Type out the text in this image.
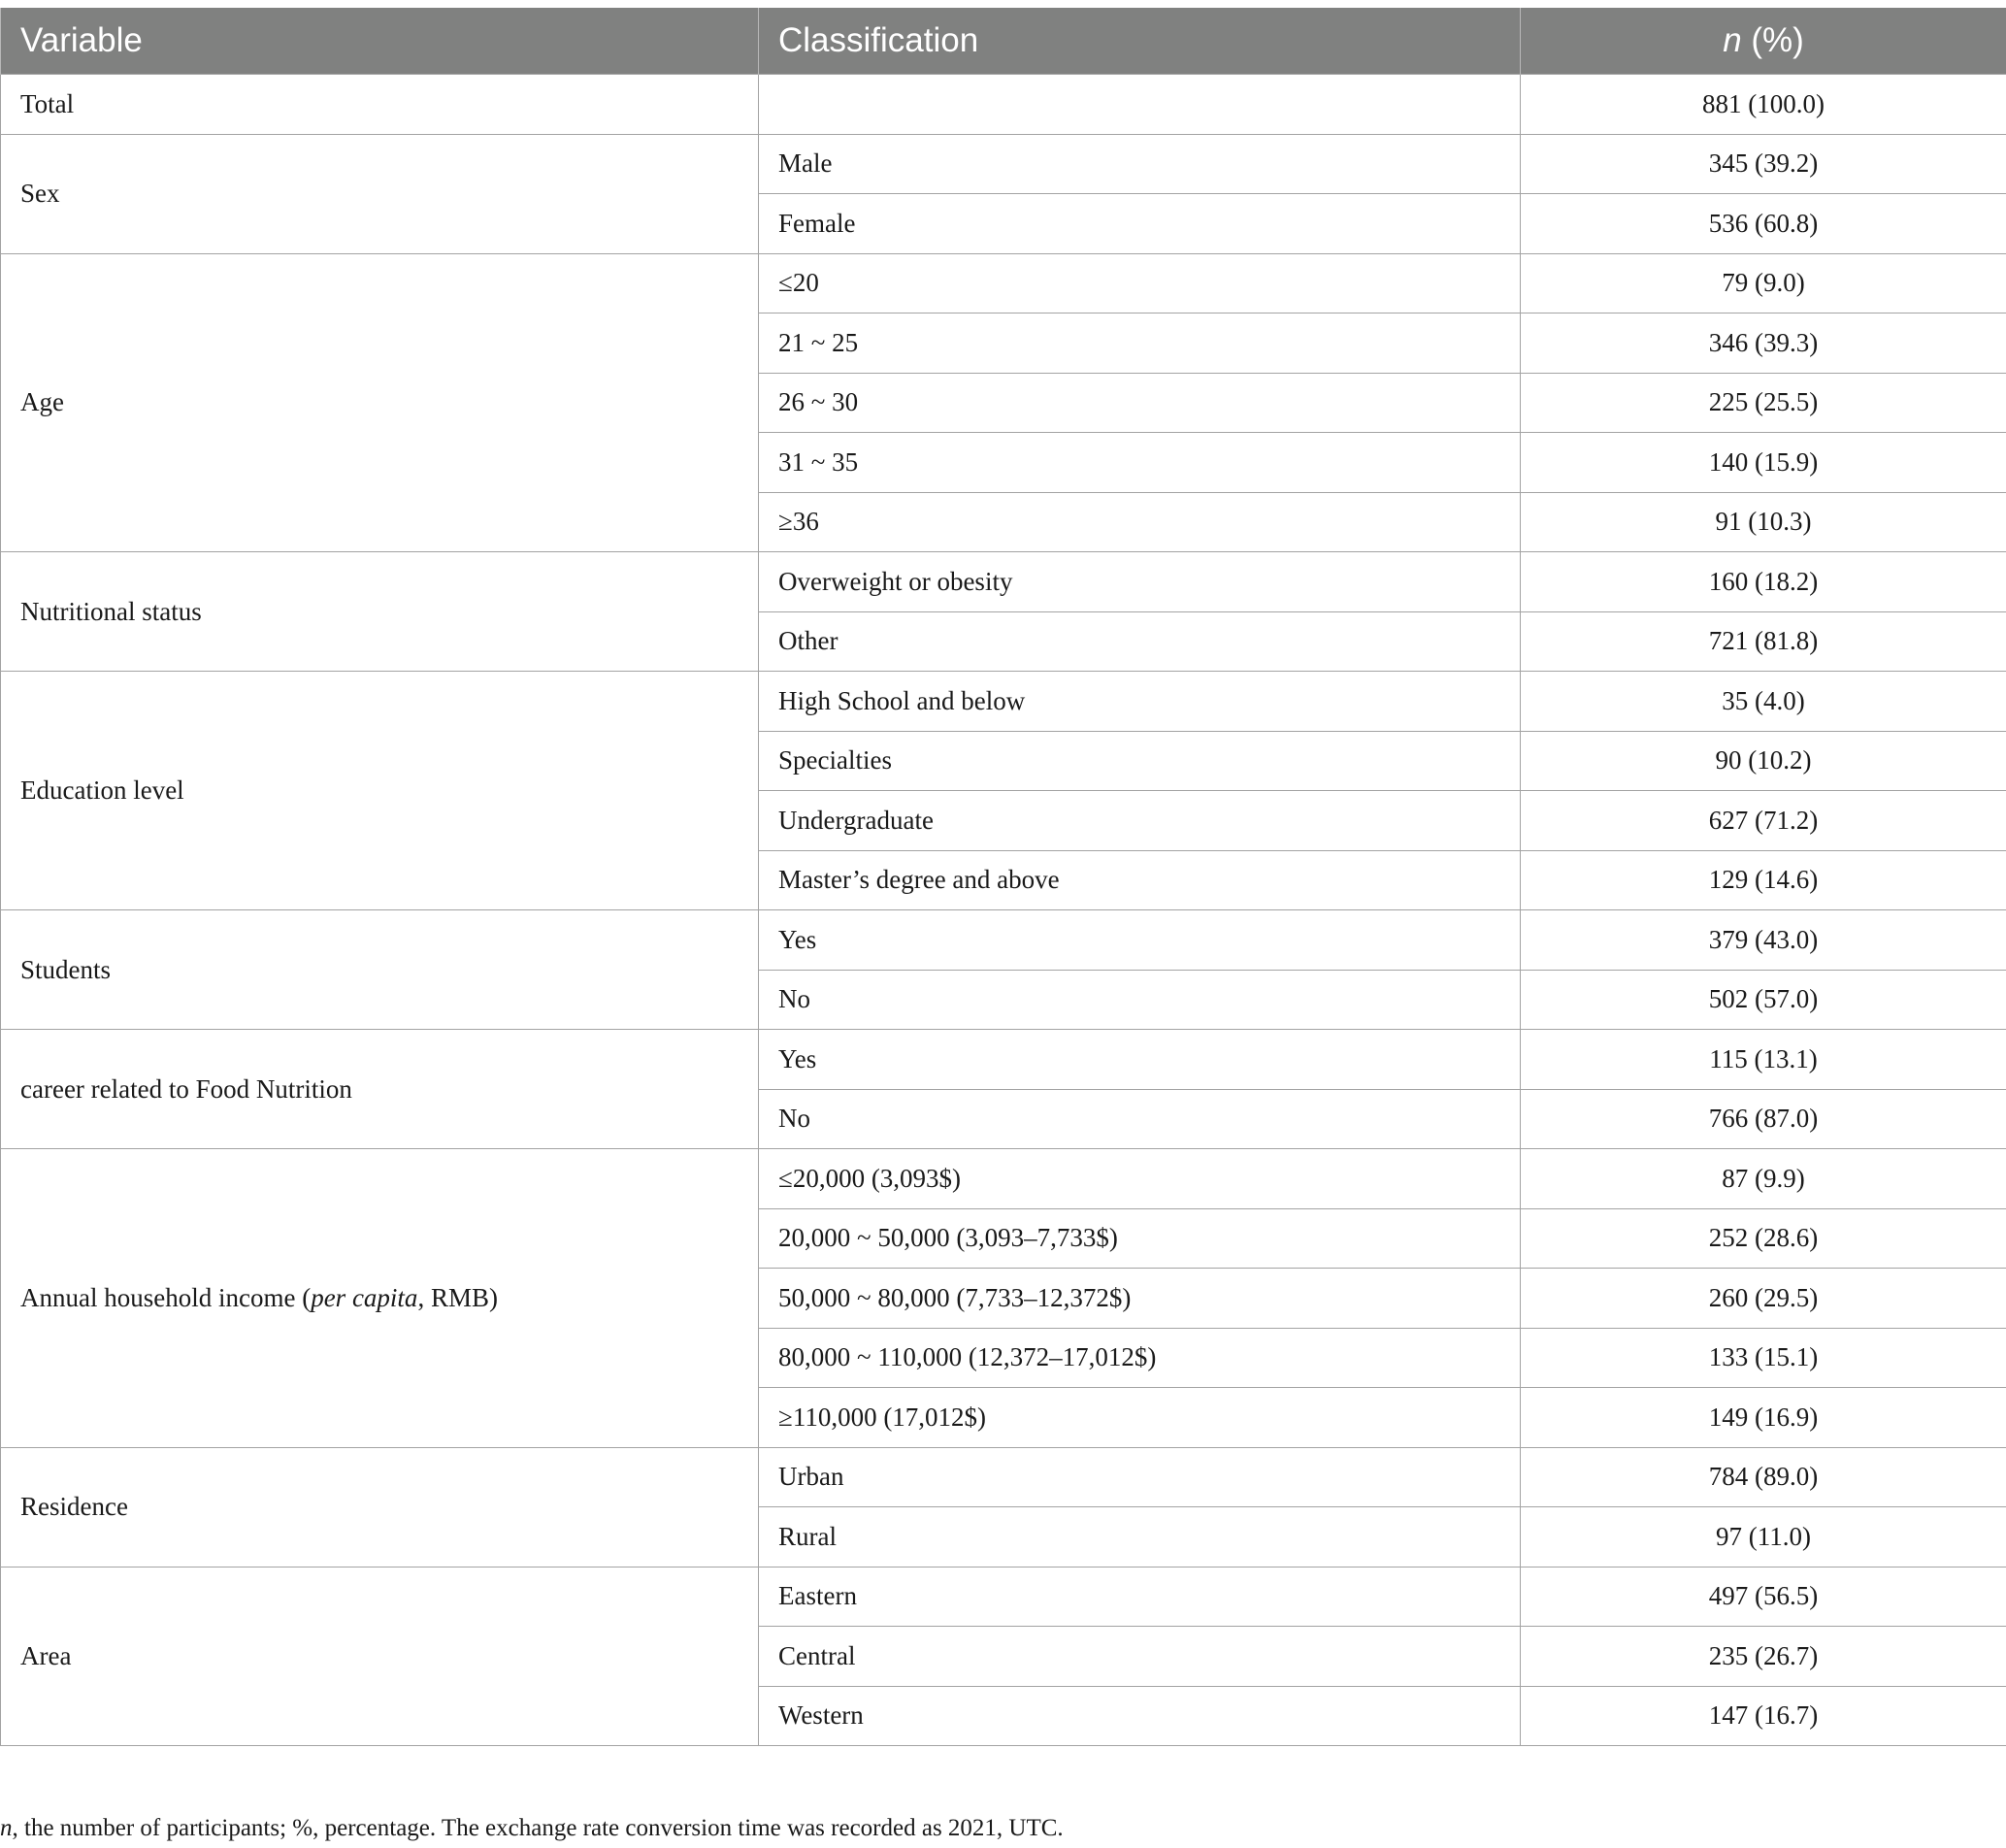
Variable	Classification	n (%)
Total		881 (100.0)
Sex	Male	345 (39.2)
	Female	536 (60.8)
Age	≤20	79 (9.0)
	21 ~ 25	346 (39.3)
	26 ~ 30	225 (25.5)
	31 ~ 35	140 (15.9)
	≥36	91 (10.3)
Nutritional status	Overweight or obesity	160 (18.2)
	Other	721 (81.8)
Education level	High School and below	35 (4.0)
	Specialties	90 (10.2)
	Undergraduate	627 (71.2)
	Master’s degree and above	129 (14.6)
Students	Yes	379 (43.0)
	No	502 (57.0)
career related to Food Nutrition	Yes	115 (13.1)
	No	766 (87.0)
Annual household income (per capita, RMB)	≤20,000 (3,093$)	87 (9.9)
	20,000 ~ 50,000 (3,093–7,733$)	252 (28.6)
	50,000 ~ 80,000 (7,733–12,372$)	260 (29.5)
	80,000 ~ 110,000 (12,372–17,012$)	133 (15.1)
	≥110,000 (17,012$)	149 (16.9)
Residence	Urban	784 (89.0)
	Rural	97 (11.0)
Area	Eastern	497 (56.5)
	Central	235 (26.7)
	Western	147 (16.7)
n, the number of participants; %, percentage. The exchange rate conversion time was recorded as 2021, UTC.
